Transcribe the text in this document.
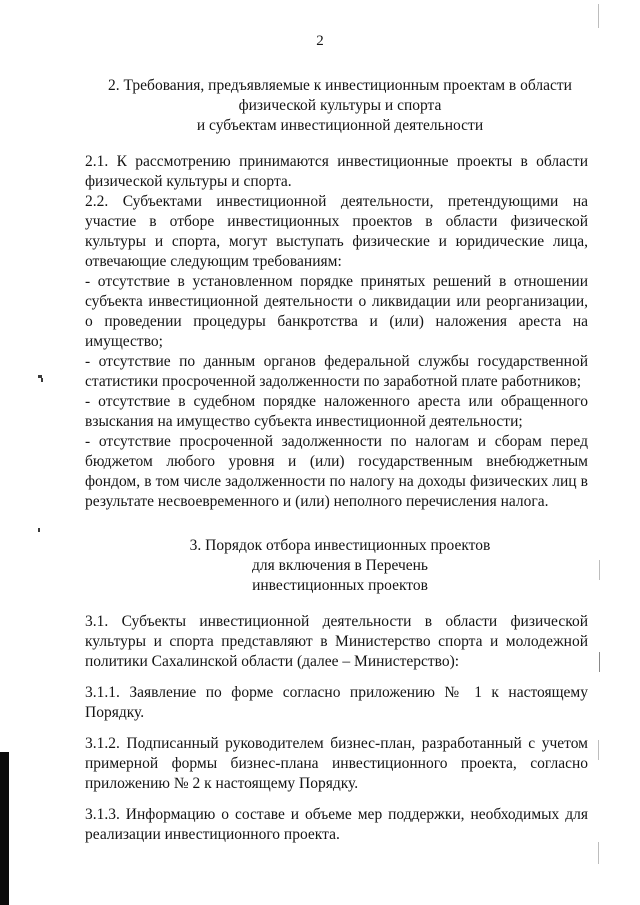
2
2. Требования, предъявляемые к инвестиционным проектам в области
физической культуры и спорта
и субъектам инвестиционной деятельности

2.1. К рассмотрению принимаются инвестиционные проекты в области физической культуры и спорта.

2.2. Субъектами инвестиционной деятельности, претендующими на участие в отборе инвестиционных проектов в области физической культуры и спорта, могут выступать физические и юридические лица, отвечающие следующим требованиям:

- отсутствие в установленном порядке принятых решений в отношении субъекта инвестиционной деятельности о ликвидации или реорганизации, о проведении процедуры банкротства и (или) наложения ареста на имущество;

- отсутствие по данным органов федеральной службы государственной статистики просроченной задолженности по заработной плате работников;

- отсутствие в судебном порядке наложенного ареста или обращенного взыскания на имущество субъекта инвестиционной деятельности;

- отсутствие просроченной задолженности по налогам и сборам перед бюджетом любого уровня и (или) государственным внебюджетным фондом, в том числе задолженности по налогу на доходы физических лиц в результате несвоевременного и (или) неполного перечисления налога.

3. Порядок отбора инвестиционных проектов
для включения в Перечень
инвестиционных проектов

3.1. Субъекты инвестиционной деятельности в области физической культуры и спорта представляют в Министерство спорта и молодежной политики Сахалинской области (далее – Министерство):

3.1.1. Заявление по форме согласно приложению № 1 к настоящему Порядку.

3.1.2. Подписанный руководителем бизнес-план, разработанный с учетом примерной формы бизнес-плана инвестиционного проекта, согласно приложению № 2 к настоящему Порядку.

3.1.3. Информацию о составе и объеме мер поддержки, необходимых для реализации инвестиционного проекта.
